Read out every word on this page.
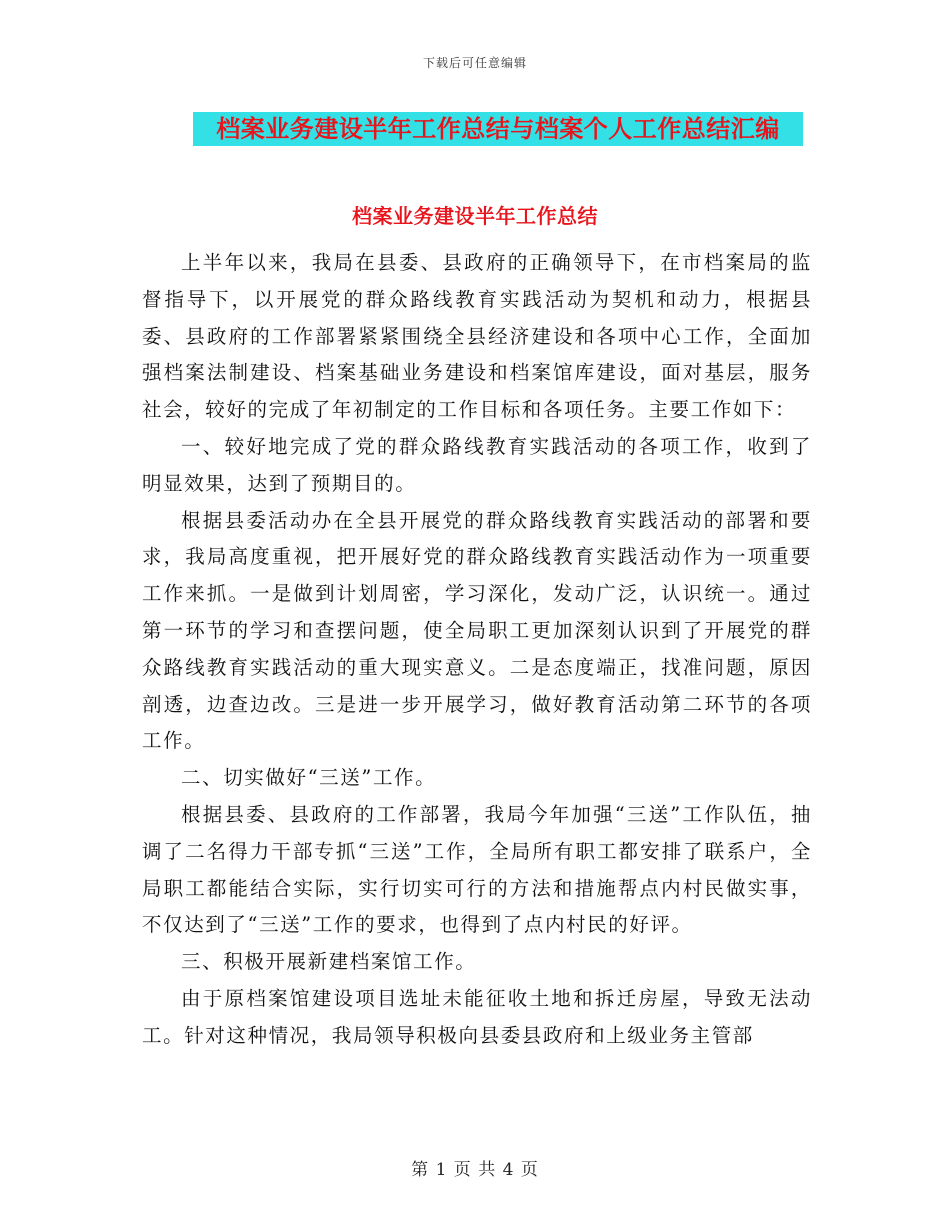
下载后可任意编辑
档案业务建设半年工作总结与档案个人工作总结汇编
档案业务建设半年工作总结

上半年以来，我局在县委、县政府的正确领导下，在市档案局的监督指导下，以开展党的群众路线教育实践活动为契机和动力，根据县委、县政府的工作部署紧紧围绕全县经济建设和各项中心工作，全面加强档案法制建设、档案基础业务建设和档案馆库建设，面对基层，服务社会，较好的完成了年初制定的工作目标和各项任务。主要工作如下：

一、较好地完成了党的群众路线教育实践活动的各项工作，收到了明显效果，达到了预期目的。

根据县委活动办在全县开展党的群众路线教育实践活动的部署和要求，我局高度重视，把开展好党的群众路线教育实践活动作为一项重要工作来抓。一是做到计划周密，学习深化，发动广泛，认识统一。通过第一环节的学习和查摆问题，使全局职工更加深刻认识到了开展党的群众路线教育实践活动的重大现实意义。二是态度端正，找准问题，原因剖透，边查边改。三是进一步开展学习，做好教育活动第二环节的各项工作。

二、切实做好“三送”工作。

根据县委、县政府的工作部署，我局今年加强“三送”工作队伍，抽调了二名得力干部专抓“三送”工作，全局所有职工都安排了联系户，全局职工都能结合实际，实行切实可行的方法和措施帮点内村民做实事，不仅达到了“三送”工作的要求，也得到了点内村民的好评。

三、积极开展新建档案馆工作。

由于原档案馆建设项目选址未能征收土地和拆迁房屋，导致无法动工。针对这种情况，我局领导积极向县委县政府和上级业务主管部

第 1 页 共 4 页
